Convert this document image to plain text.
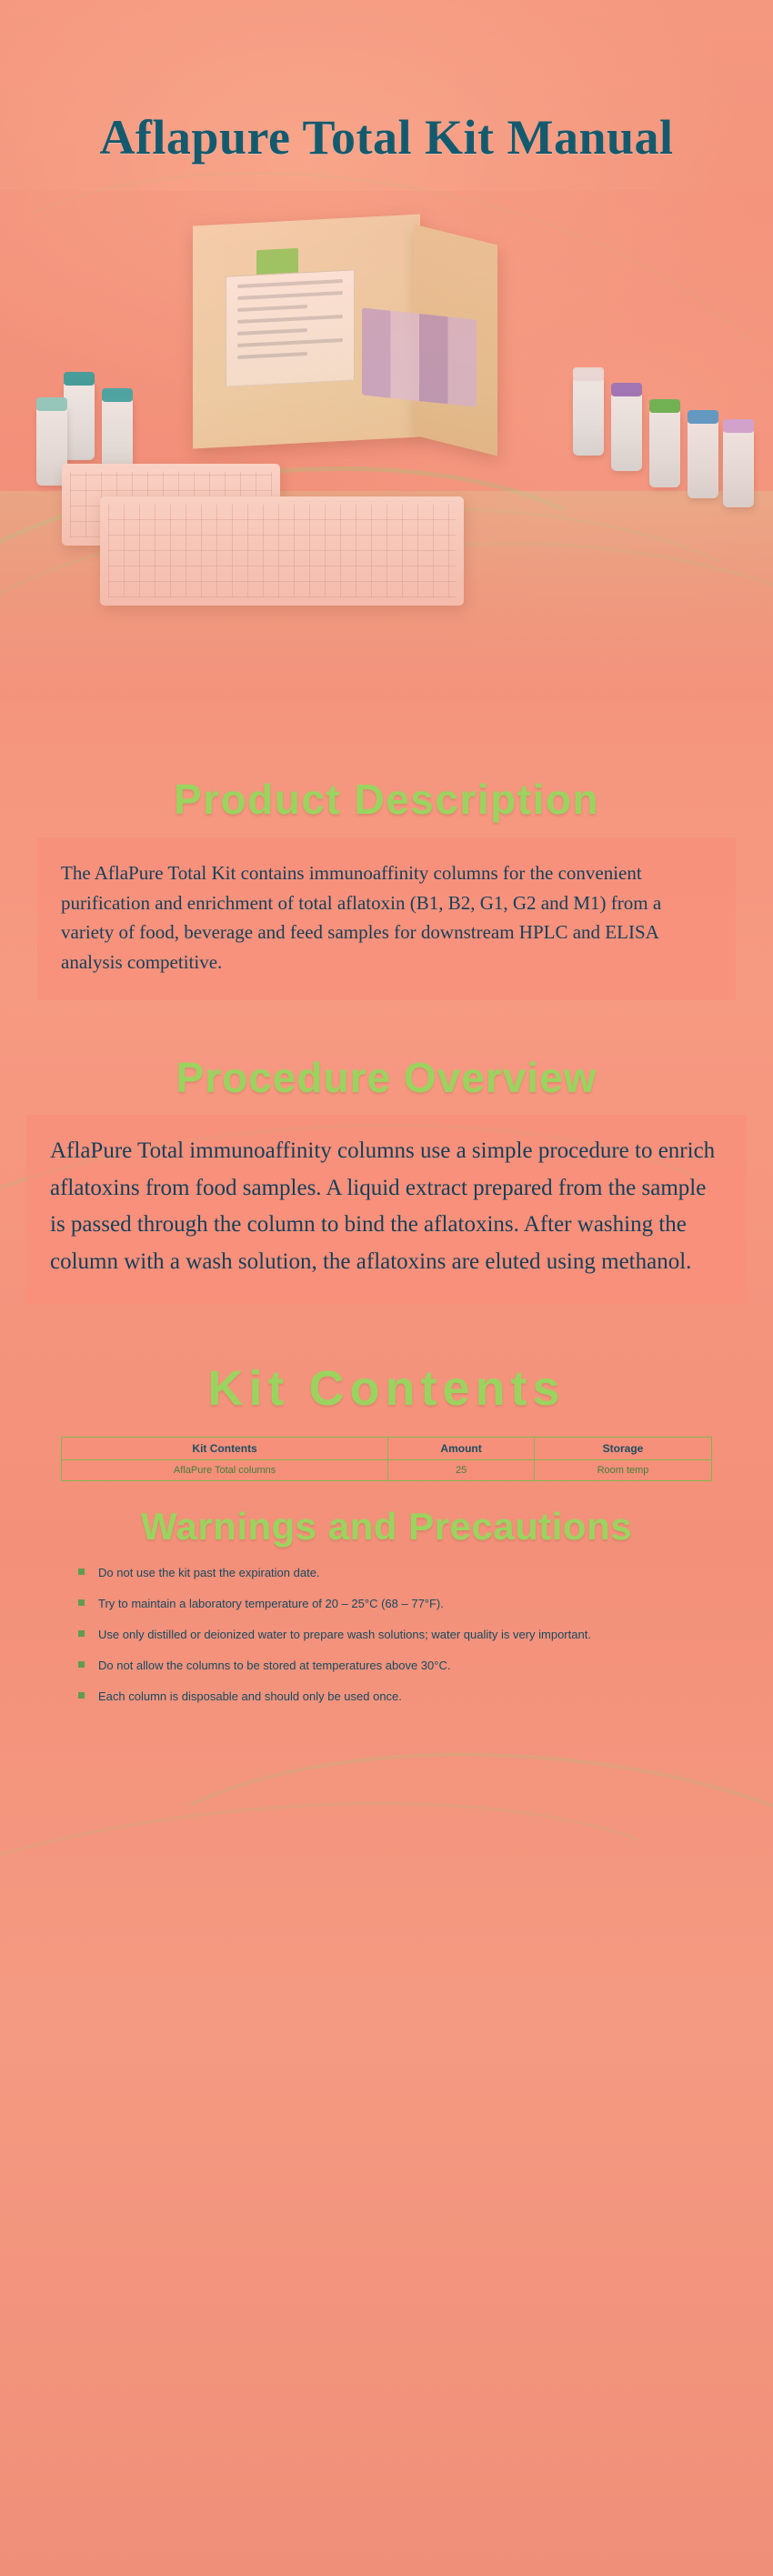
Aflapure Total Kit Manual
Product Description
The AflaPure Total Kit contains immunoaffinity columns for the convenient purification and enrichment of total aflatoxin (B1, B2, G1, G2 and M1) from a variety of food, beverage and feed samples for downstream HPLC and ELISA analysis competitive.
Procedure Overview
AflaPure Total immunoaffinity columns use a simple procedure to enrich aflatoxins from food samples. A liquid extract prepared from the sample is passed through the column to bind the aflatoxins. After washing the column with a wash solution, the aflatoxins are eluted using methanol.
Kit Contents
Kit Contents	Amount	Storage
AflaPure Total columns	25	Room temp
Warnings and Precautions
Do not use the kit past the expiration date.
Try to maintain a laboratory temperature of 20 – 25°C (68 – 77°F).
Use only distilled or deionized water to prepare wash solutions; water quality is very important.
Do not allow the columns to be stored at temperatures above 30°C.
Each column is disposable and should only be used once.
